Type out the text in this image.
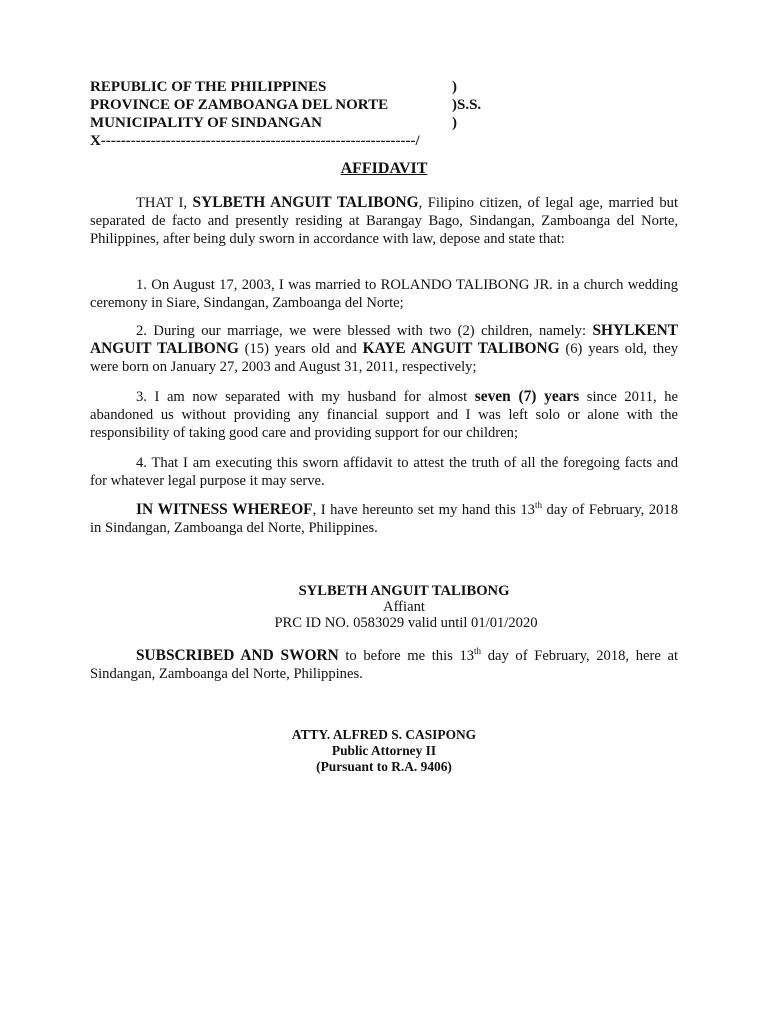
REPUBLIC OF THE PHILIPPINES	)
PROVINCE OF ZAMBOANGA DEL NORTE	)S.S.
MUNICIPALITY OF SINDANGAN	)
X---------------------------------------------------------------/
AFFIDAVIT
THAT I, SYLBETH ANGUIT TALIBONG, Filipino citizen, of legal age, married but separated de facto and presently residing at Barangay Bago, Sindangan, Zamboanga del Norte, Philippines, after being duly sworn in accordance with law, depose and state that:
1. On August 17, 2003, I was married to ROLANDO TALIBONG JR. in a church wedding ceremony in Siare, Sindangan, Zamboanga del Norte;
2. During our marriage, we were blessed with two (2) children, namely: SHYLKENT ANGUIT TALIBONG (15) years old and KAYE ANGUIT TALIBONG (6) years old, they were born on January 27, 2003 and August 31, 2011, respectively;
3. I am now separated with my husband for almost seven (7) years since 2011, he abandoned us without providing any financial support and I was left solo or alone with the responsibility of taking good care and providing support for our children;
4. That I am executing this sworn affidavit to attest the truth of all the foregoing facts and for whatever legal purpose it may serve.
IN WITNESS WHEREOF, I have hereunto set my hand this 13th day of February, 2018 in Sindangan, Zamboanga del Norte, Philippines.
SYLBETH ANGUIT TALIBONG
Affiant
PRC ID NO. 0583029 valid until 01/01/2020
SUBSCRIBED AND SWORN to before me this 13th day of February, 2018, here at Sindangan, Zamboanga del Norte, Philippines.
ATTY. ALFRED S. CASIPONG
Public Attorney II
(Pursuant to R.A. 9406)
